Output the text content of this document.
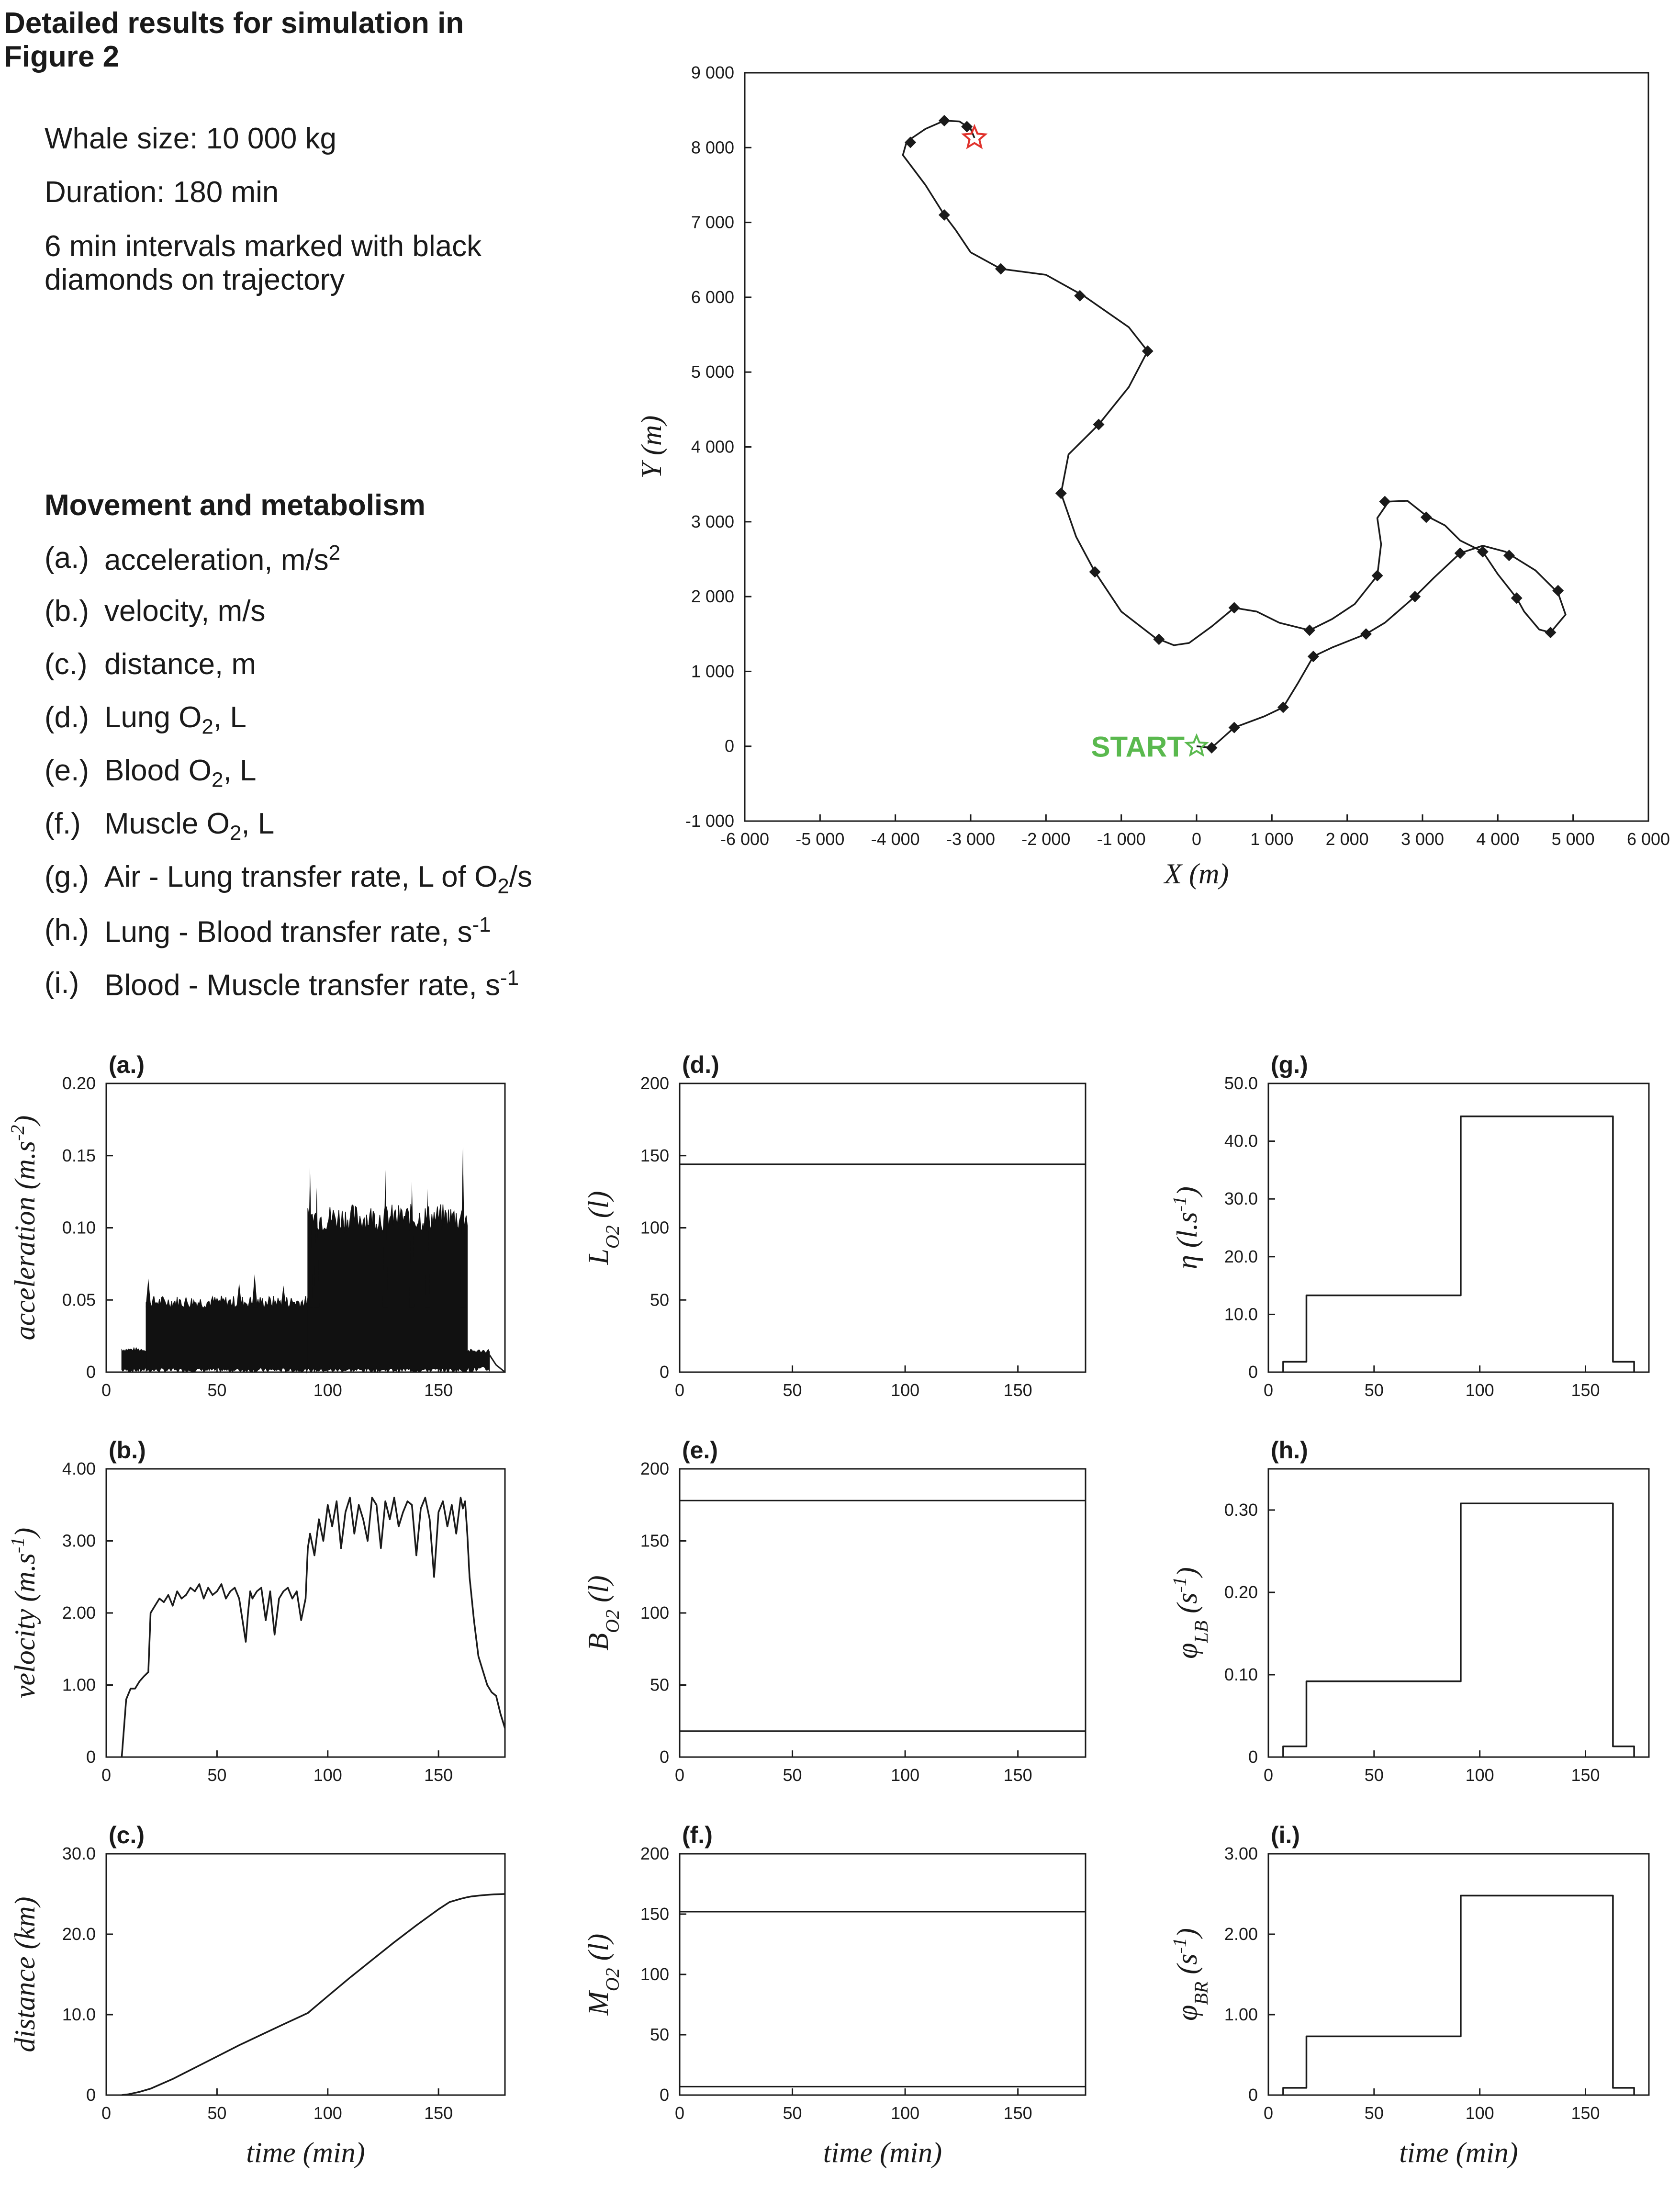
Detailed results for simulation in
Figure 2
Whale size: 10 000 kg
Duration: 180 min
6 min intervals marked with black
diamonds on trajectory
Movement and metabolism
(a.) acceleration, $m/s^2$
(b.) velocity, m/s
(c.) distance, m
(d.) Lung $O_2$, L
(e.) Blood $O_2$, L
(f.) Muscle $O_2$, L
(g.) Air - Lung transfer rate, L of $O_2/s$
(h.) Lung - Blood transfer rate, $s^{-1}$
(i.) Blood - Muscle transfer rate, $s^{-1}$
-6 000 -5 000 -4 000 -3 000 -2 000 -1 000	0	1 000 2 000 3 000 4 000 5 000 6 000
-1 000
0
1 000
2 000
3 000
4 000
5 000
6 000
7 000
8 000
9 000
X (m)
Y (m)
START
0	50	100	150
0
0.05
0.10
0.15
0.20
(a.)
acceleration $(m.s^{-2})$
0	50	100	150
0
1.00
2.00
3.00
4.00
(b.)
velocity $(m.s^{-1})$
0	50	100	150
0
10.0
20.0
30.0
(c.)
time (min)
distance (km)
0	50	100	150
0
50
100
150
200
(d.)
$L_{O2}$ (l)
0	50	100	150
0
50
100
150
200
(e.)
$B_{O2}$ (l)
0	50	100	150
0
50
100
150
200
(f.)
time (min)
$M_{O2}$ (l)
0	50	100	150
0
10.0
20.0
30.0
40.0
50.0
(g.)
η $(l.s^{-1})$
0	50	100	150
0
0.10
0.20
0.30
(h.)
$\varphi_{LB}$ $(s^{-1})$
0	50	100	150
0
1.00
2.00
3.00
(i.)
time (min)
$\varphi_{BR}$ $(s^{-1})$
